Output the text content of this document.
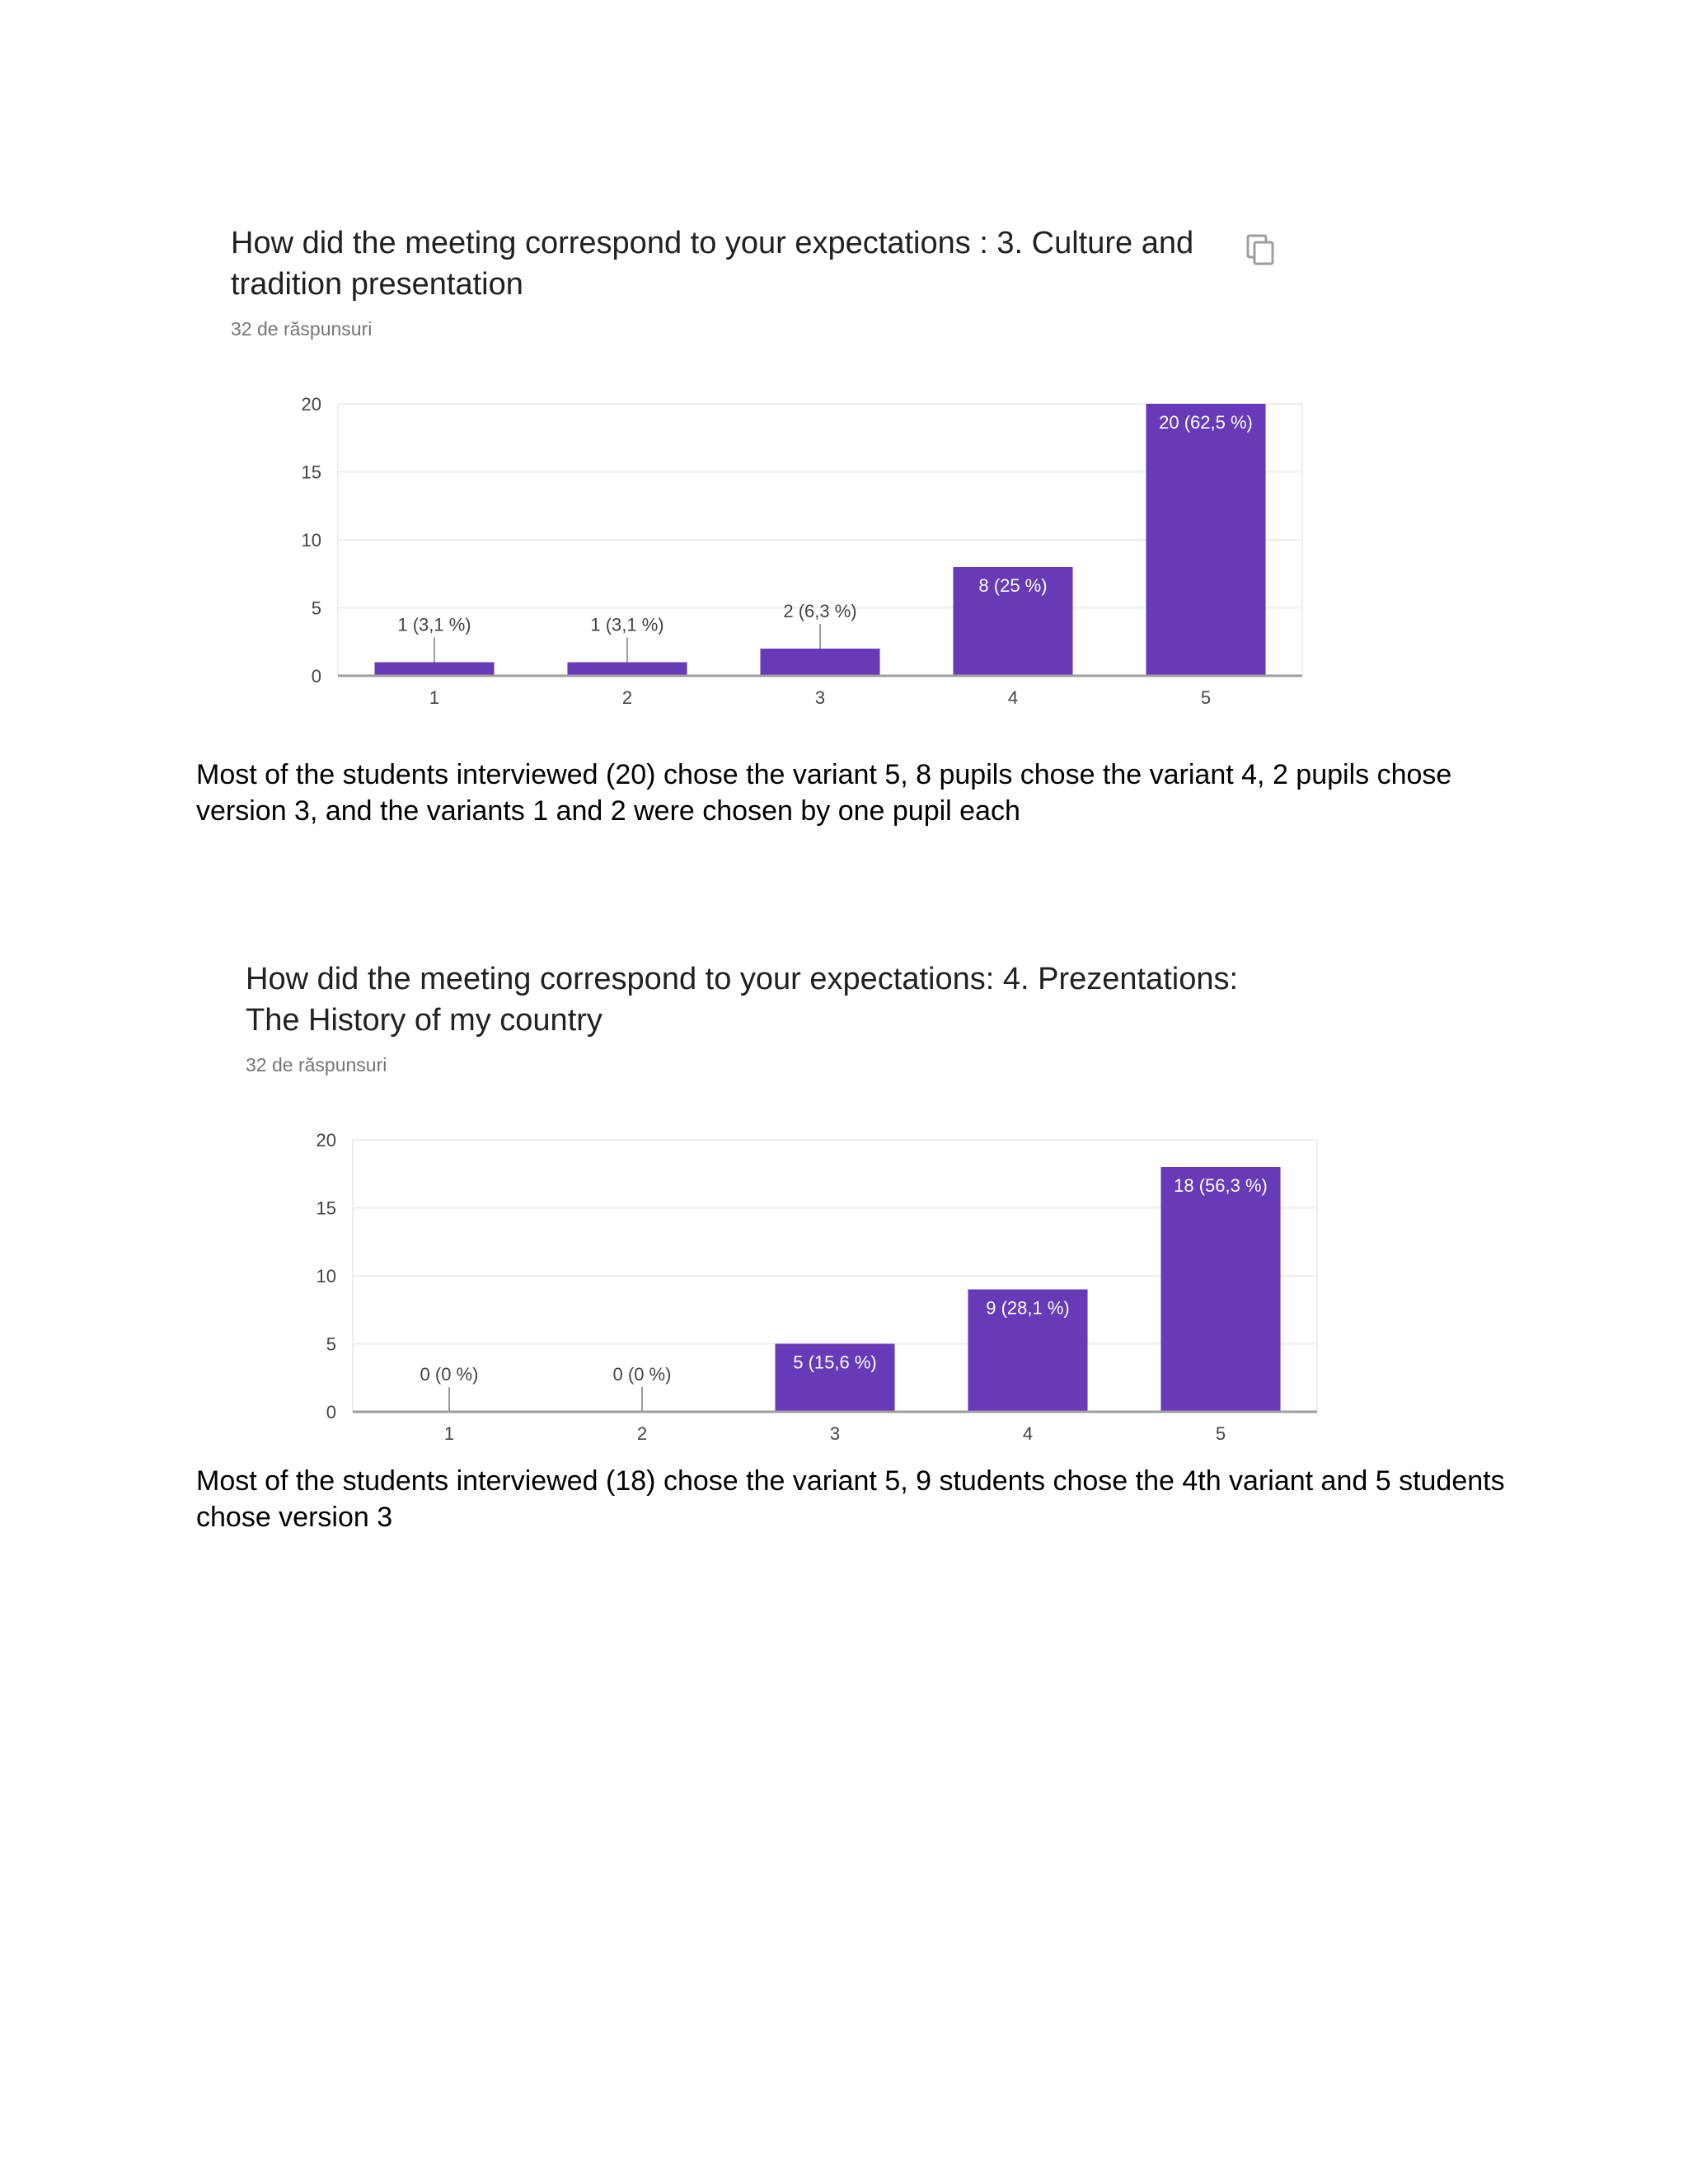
How did the meeting correspond to your expectations : 3. Culture and tradition presentation
32 de răspunsuri
0
5
10
15
20
1 (3,1 %)
1
1 (3,1 %)
2
2 (6,3 %)
3
8 (25 %)
4
20 (62,5 %)
5

Most of the students interviewed (20) chose the variant 5, 8 pupils chose the variant 4, 2 pupils chose version 3, and the variants 1 and 2 were chosen by one pupil each

How did the meeting correspond to your expectations: 4. Prezentations: The History of my country
32 de răspunsuri
0
5
10
15
20
0 (0 %)
1
0 (0 %)
2
5 (15,6 %)
3
9 (28,1 %)
4
18 (56,3 %)
5

Most of the students interviewed (18) chose the variant 5, 9 students chose the 4th variant and 5 students chose version 3
